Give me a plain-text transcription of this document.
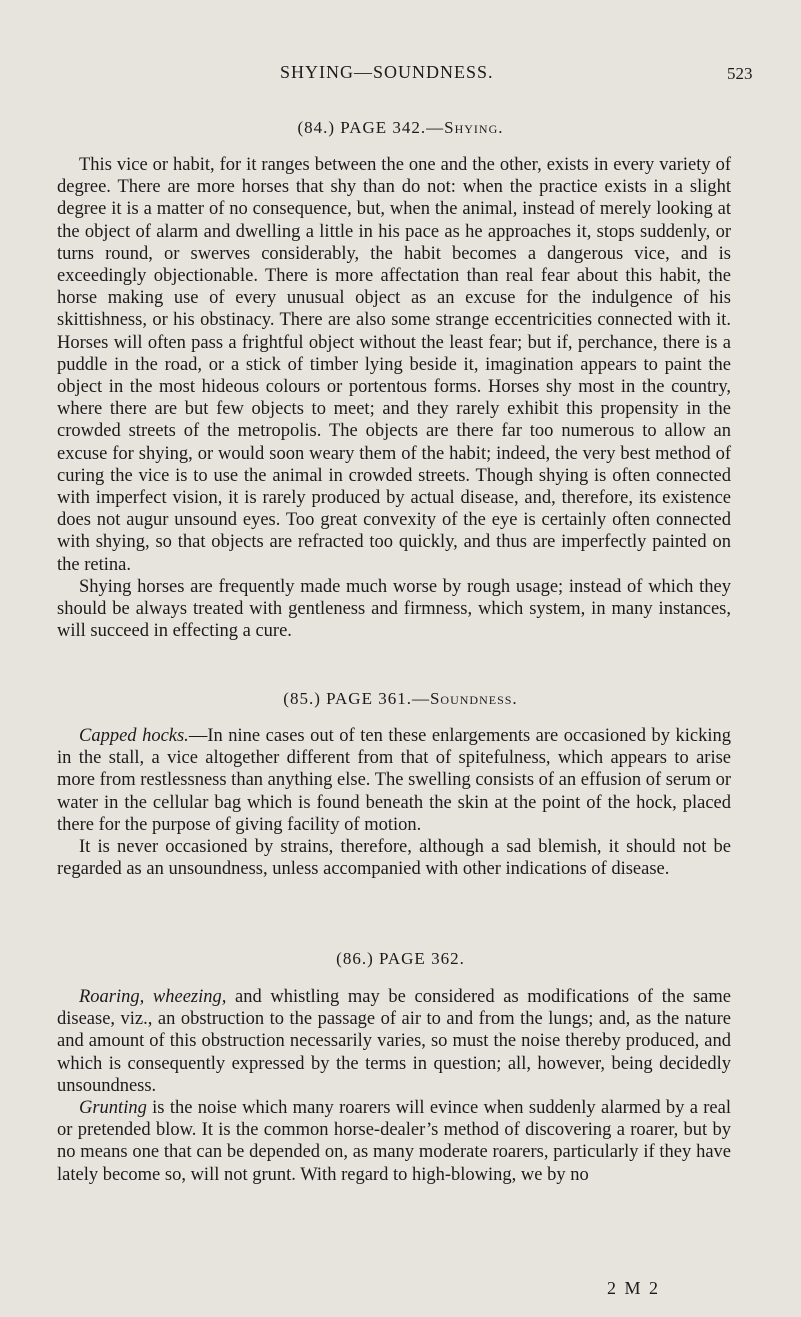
SHYING—SOUNDNESS.	523
(84.) PAGE 342.—Shying.

This vice or habit, for it ranges between the one and the other, exists in every variety of degree. There are more horses that shy than do not: when the practice exists in a slight degree it is a matter of no consequence, but, when the animal, instead of merely looking at the object of alarm and dwelling a little in his pace as he approaches it, stops suddenly, or turns round, or swerves considerably, the habit becomes a dangerous vice, and is exceedingly objectionable. There is more affectation than real fear about this habit, the horse making use of every unusual object as an excuse for the indulgence of his skittishness, or his obstinacy. There are also some strange eccentricities connected with it. Horses will often pass a frightful object without the least fear; but if, perchance, there is a puddle in the road, or a stick of timber lying beside it, imagination appears to paint the object in the most hideous colours or portentous forms. Horses shy most in the country, where there are but few objects to meet; and they rarely exhibit this propensity in the crowded streets of the metropolis. The objects are there far too numerous to allow an excuse for shying, or would soon weary them of the habit; indeed, the very best method of curing the vice is to use the animal in crowded streets. Though shying is often connected with imperfect vision, it is rarely produced by actual disease, and, therefore, its existence does not augur unsound eyes. Too great convexity of the eye is certainly often connected with shying, so that objects are refracted too quickly, and thus are imperfectly painted on the retina.

Shying horses are frequently made much worse by rough usage; instead of which they should be always treated with gentleness and firmness, which system, in many instances, will succeed in effecting a cure.

(85.) PAGE 361.—Soundness.

Capped hocks.—In nine cases out of ten these enlargements are occasioned by kicking in the stall, a vice altogether different from that of spitefulness, which appears to arise more from restlessness than anything else. The swelling consists of an effusion of serum or water in the cellular bag which is found beneath the skin at the point of the hock, placed there for the purpose of giving facility of motion.

It is never occasioned by strains, therefore, although a sad blemish, it should not be regarded as an unsoundness, unless accompanied with other indications of disease.

(86.) PAGE 362.

Roaring, wheezing, and whistling may be considered as modifications of the same disease, viz., an obstruction to the passage of air to and from the lungs; and, as the nature and amount of this obstruction necessarily varies, so must the noise thereby produced, and which is consequently expressed by the terms in question; all, however, being decidedly unsoundness.

Grunting is the noise which many roarers will evince when suddenly alarmed by a real or pretended blow. It is the common horse-dealer’s method of discovering a roarer, but by no means one that can be depended on, as many moderate roarers, particularly if they have lately become so, will not grunt. With regard to high-blowing, we by no

2 M 2
